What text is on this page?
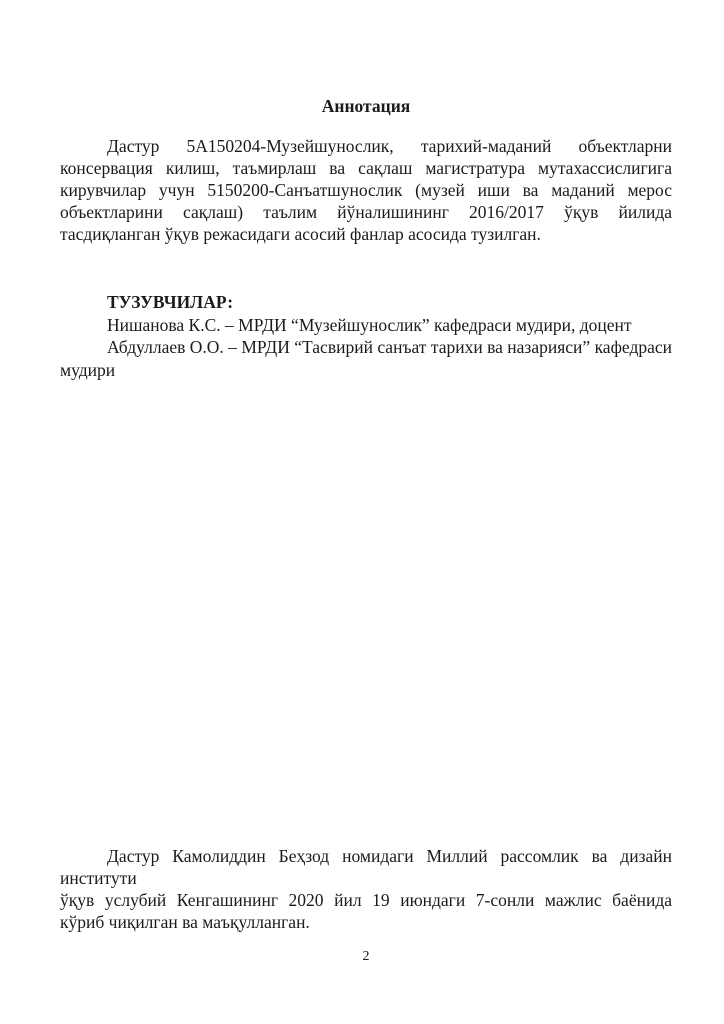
Аннотация
Дастур 5А150204-Музейшунослик, тарихий-маданий объектларни
консервация килиш, таъмирлаш ва сақлаш магистратура мутахассислигига
кирувчилар учун 5150200-Санъатшунослик (музей иши ва маданий мерос
объектларини сақлаш) таълим йўналишининг 2016/2017 ўқув йилида
тасдиқланган ўқув режасидаги асосий фанлар асосида тузилган.
ТУЗУВЧИЛАР:
Нишанова К.С. – МРДИ “Музейшунослик” кафедраси мудири, доцент
Абдуллаев О.О. – МРДИ “Тасвирий санъат тарихи ва назарияси” кафедраси
мудири
Дастур Камолиддин Беҳзод номидаги Миллий рассомлик ва дизайн институти
ўқув услубий Кенгашининг 2020 йил 19 июндаги 7-сонли мажлис баёнида
кўриб чиқилган ва маъқулланган.
2
